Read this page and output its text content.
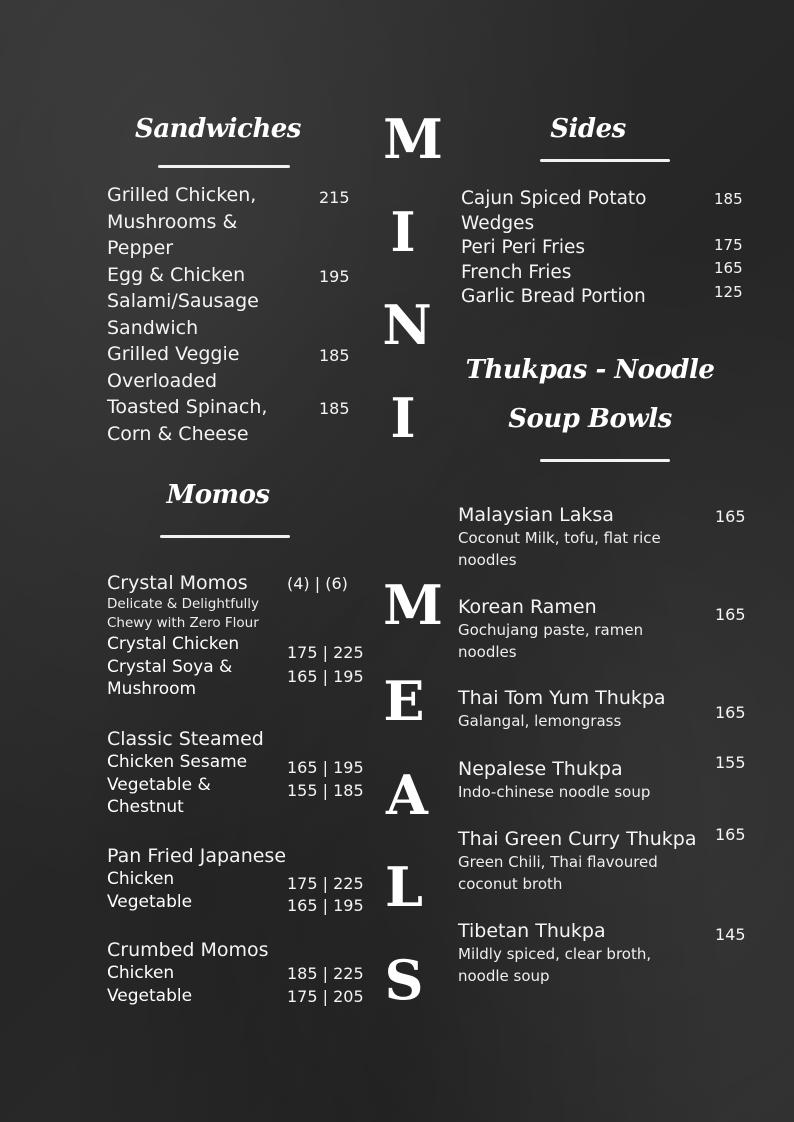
Sandwiches
Grilled Chicken,
Mushrooms &
Pepper
Egg & Chicken
Salami/Sausage
Sandwich
Grilled Veggie
Overloaded
Toasted Spinach,
Corn & Cheese
215
195
185
185
Momos
Crystal Momos
Delicate & Delightfully
Chewy with Zero Flour
Crystal Chicken
Crystal Soya &
Mushroom
(4) | (6)
175 | 225
165 | 195
Classic Steamed
Chicken Sesame
Vegetable &
Chestnut
165 | 195
155 | 185
Pan Fried Japanese
Chicken
Vegetable
175 | 225
165 | 195
Crumbed Momos
Chicken
Vegetable
185 | 225
175 | 205
M
I
N
I
M
E
A
L
S
Sides
Cajun Spiced Potato
Wedges
Peri Peri Fries
French Fries
Garlic Bread Portion
185
175
165
125
Thukpas - Noodle
Soup Bowls
Malaysian Laksa
Coconut Milk, tofu, flat rice
noodles
165
Korean Ramen
Gochujang paste, ramen
noodles
165
Thai Tom Yum Thukpa
Galangal, lemongrass	165
Nepalese Thukpa
Indo-chinese noodle soup
155
Thai Green Curry Thukpa
Green Chili, Thai flavoured
coconut broth
165
Tibetan Thukpa
Mildly spiced, clear broth,
noodle soup
145
